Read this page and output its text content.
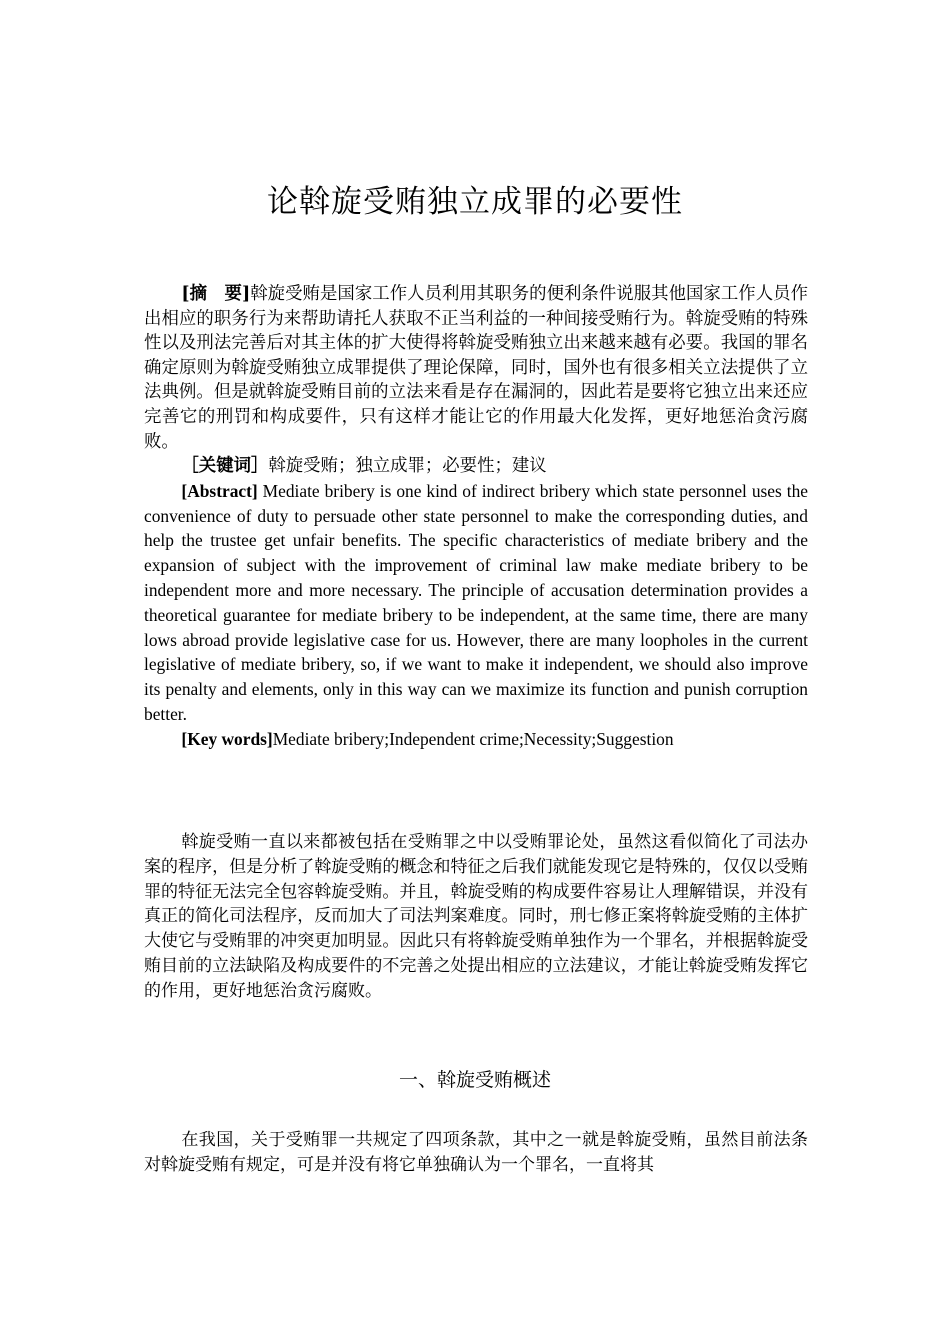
论斡旋受贿独立成罪的必要性

[摘　要]斡旋受贿是国家工作人员利用其职务的便利条件说服其他国家工作人员作出相应的职务行为来帮助请托人获取不正当利益的一种间接受贿行为。斡旋受贿的特殊性以及刑法完善后对其主体的扩大使得将斡旋受贿独立出来越来越有必要。我国的罪名确定原则为斡旋受贿独立成罪提供了理论保障，同时，国外也有很多相关立法提供了立法典例。但是就斡旋受贿目前的立法来看是存在漏洞的，因此若是要将它独立出来还应完善它的刑罚和构成要件，只有这样才能让它的作用最大化发挥，更好地惩治贪污腐败。

［关键词］斡旋受贿；独立成罪；必要性；建议

[Abstract] Mediate bribery is one kind of indirect bribery which state personnel uses the convenience of duty to persuade other state personnel to make the corresponding duties, and help the trustee get unfair benefits. The specific characteristics of mediate bribery and the expansion of subject with the improvement of criminal law make mediate bribery to be independent more and more necessary. The principle of accusation determination provides a theoretical guarantee for mediate bribery to be independent, at the same time, there are many lows abroad provide legislative case for us. However, there are many loopholes in the current legislative of mediate bribery, so, if we want to make it independent, we should also improve its penalty and elements, only in this way can we maximize its function and punish corruption better.

[Key words]Mediate bribery;Independent crime;Necessity;Suggestion

斡旋受贿一直以来都被包括在受贿罪之中以受贿罪论处，虽然这看似简化了司法办案的程序，但是分析了斡旋受贿的概念和特征之后我们就能发现它是特殊的，仅仅以受贿罪的特征无法完全包容斡旋受贿。并且，斡旋受贿的构成要件容易让人理解错误，并没有真正的简化司法程序，反而加大了司法判案难度。同时，刑七修正案将斡旋受贿的主体扩大使它与受贿罪的冲突更加明显。因此只有将斡旋受贿单独作为一个罪名，并根据斡旋受贿目前的立法缺陷及构成要件的不完善之处提出相应的立法建议，才能让斡旋受贿发挥它的作用，更好地惩治贪污腐败。

一、斡旋受贿概述

在我国，关于受贿罪一共规定了四项条款，其中之一就是斡旋受贿，虽然目前法条对斡旋受贿有规定，可是并没有将它单独确认为一个罪名，一直将其
